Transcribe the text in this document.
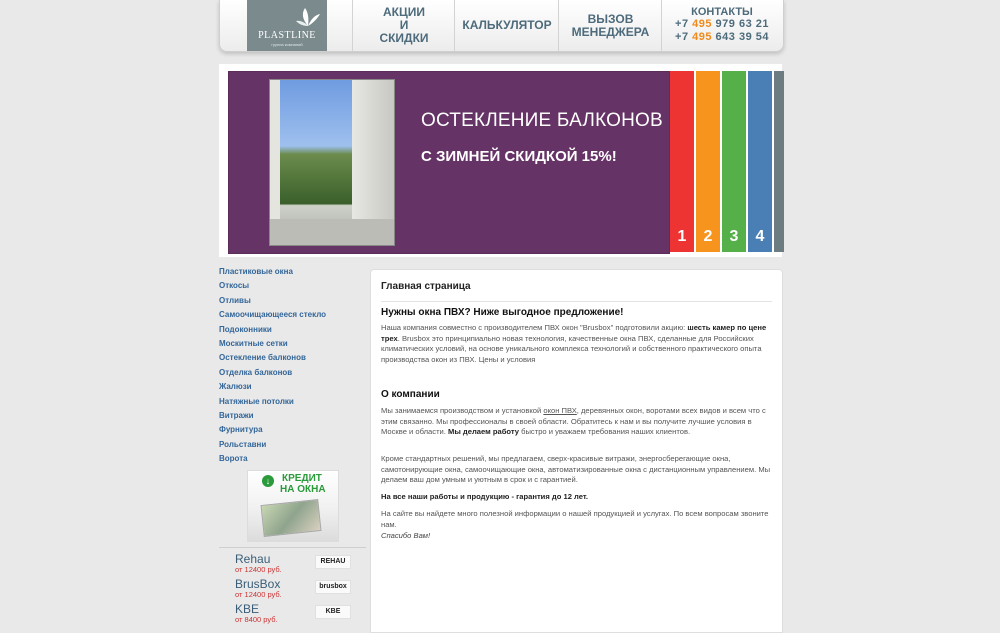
PLASTLINE
группа компаний
АКЦИИ
И
СКИДКИ
КАЛЬКУЛЯТОР	ВЫЗОВ
МЕНЕДЖЕРА
КОНТАКТЫ
+7 495 979 63 21
+7 495 643 39 54
ОСТЕКЛЕНИЕ БАЛКОНОВ
С ЗИМНЕЙ СКИДКОЙ 15%!
1	2	3	4
Пластиковые окна
Откосы
Отливы
Самоочищающееся стекло
Подоконники
Москитные сетки
Остекление балконов
Отделка балконов
Жалюзи
Натяжные потолки
Витражи
Фурнитура
Рольставни
Ворота
↓	КРЕДИТ
НА ОКНА
Rehau
от 12400 руб.
REHAU
BrusBox
от 12400 руб.
brusbox
KBE
от 8400 руб.
KBE
Главная страница
Нужны окна ПВХ? Ниже выгодное предложение!

Наша компания совместно с производителем ПВХ окон "Brusbox" подготовили акцию: шесть камер по цене трех. Brusbox это принципиально новая технология, качественные окна ПВХ, сделанные для Российских климатических условий, на основе уникального комплекса технологий и собственного практического опыта производства окон из ПВХ. Цены и условия

О компании

Мы занимаемся производством и установкой окон ПВХ, деревянных окон, воротами всех видов и всем что с этим связанно. Мы профессионалы в своей области. Обратитесь к нам и вы получите лучшие условия в Москве и области. Мы делаем работу быстро и уважаем требования наших клиентов.

Кроме стандартных решений, мы предлагаем, сверх-красивые витражи, энергосберегающие окна, самотонирующие окна, самоочищающие окна, автоматизированные окна с дистанционным управлением. Мы делаем ваш дом умным и уютным в срок и с гарантией.

На все наши работы и продукцию - гарантия до 12 лет.

На сайте вы найдете много полезной информации о нашей продукцией и услугах. По всем вопросам звоните нам.

Спасибо Вам!
